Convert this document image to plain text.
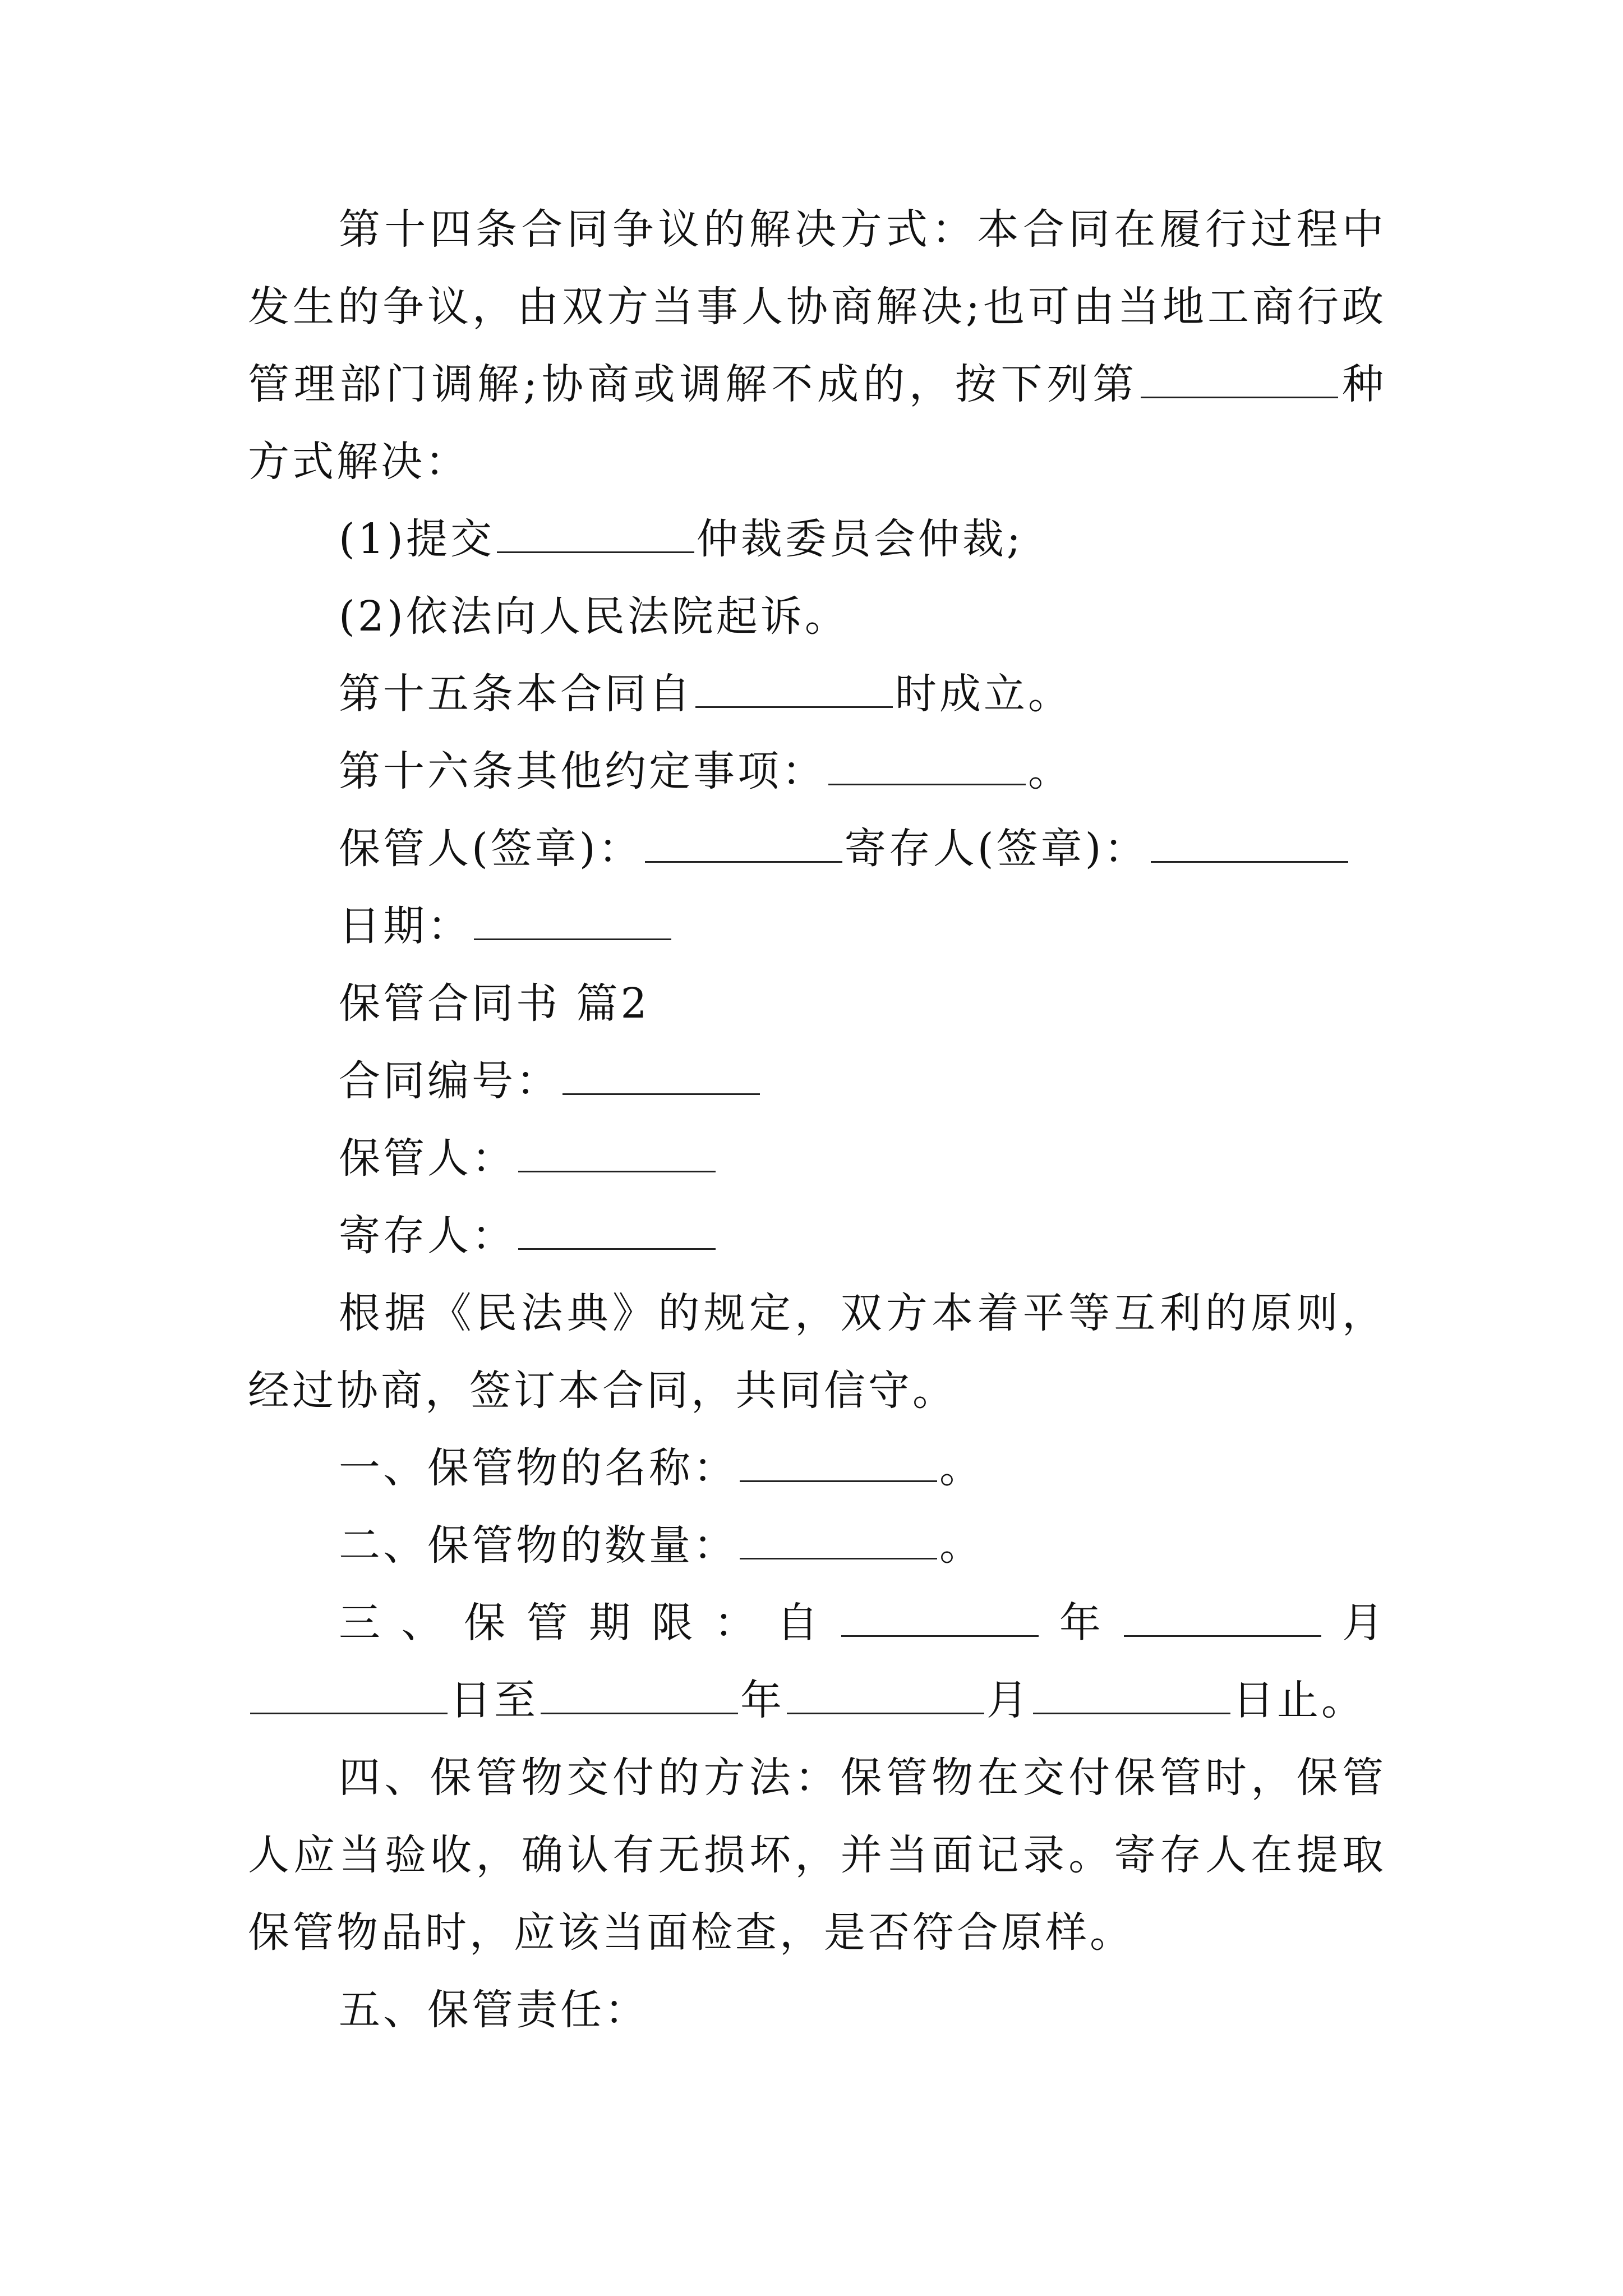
第十四条合同争议的解决方式：本合同在履行过程中发生的争议，由双方当事人协商解决;也可由当地工商行政管理部门调解;协商或调解不成的，按下列第	种方式解决：

(1)提交	仲裁委员会仲裁;

(2)依法向人民法院起诉。

第十五条本合同自	时成立。

第十六条其他约定事项：	。

保管人(签章)：	寄存人(签章)：

日期：

保管合同书 篇2

合同编号：

保管人：

寄存人：

根据《民法典》的规定，双方本着平等互利的原则，经过协商，签订本合同，共同信守。

一、保管物的名称：	。

二、保管物的数量：	。

三、保管期限：自	年	月日至	年	月	日止。

四、保管物交付的方法：保管物在交付保管时，保管人应当验收，确认有无损坏，并当面记录。寄存人在提取保管物品时，应该当面检查，是否符合原样。

五、保管责任：
